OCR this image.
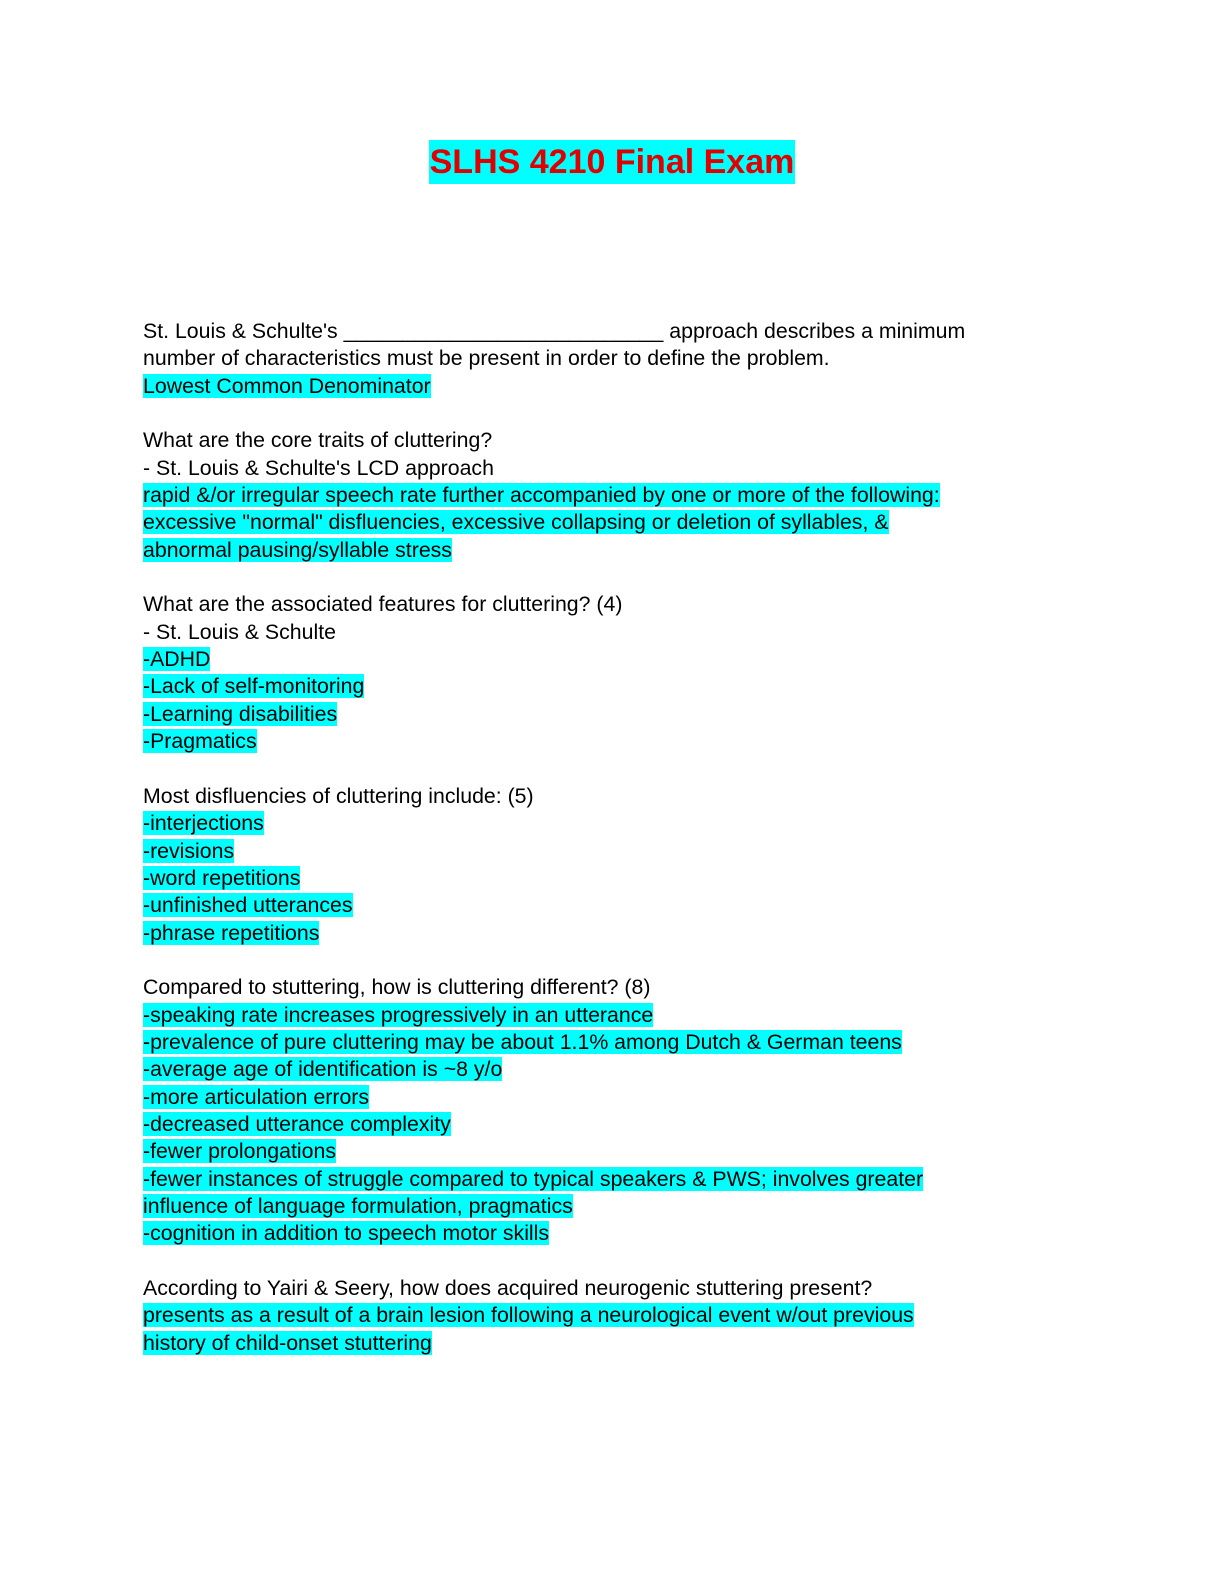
SLHS 4210 Final Exam
St. Louis & Schulte's ___________________________ approach describes a minimum
number of characteristics must be present in order to define the problem.
Lowest Common Denominator
What are the core traits of cluttering?
- St. Louis & Schulte's LCD approach
rapid &/or irregular speech rate further accompanied by one or more of the following:
excessive "normal" disfluencies, excessive collapsing or deletion of syllables, &
abnormal pausing/syllable stress
What are the associated features for cluttering? (4)
- St. Louis & Schulte
-ADHD
-Lack of self-monitoring
-Learning disabilities
-Pragmatics
Most disfluencies of cluttering include: (5)
-interjections
-revisions
-word repetitions
-unfinished utterances
-phrase repetitions
Compared to stuttering, how is cluttering different? (8)
-speaking rate increases progressively in an utterance
-prevalence of pure cluttering may be about 1.1% among Dutch & German teens
-average age of identification is ~8 y/o
-more articulation errors
-decreased utterance complexity
-fewer prolongations
-fewer instances of struggle compared to typical speakers & PWS; involves greater
influence of language formulation, pragmatics
-cognition in addition to speech motor skills
According to Yairi & Seery, how does acquired neurogenic stuttering present?
presents as a result of a brain lesion following a neurological event w/out previous
history of child-onset stuttering
